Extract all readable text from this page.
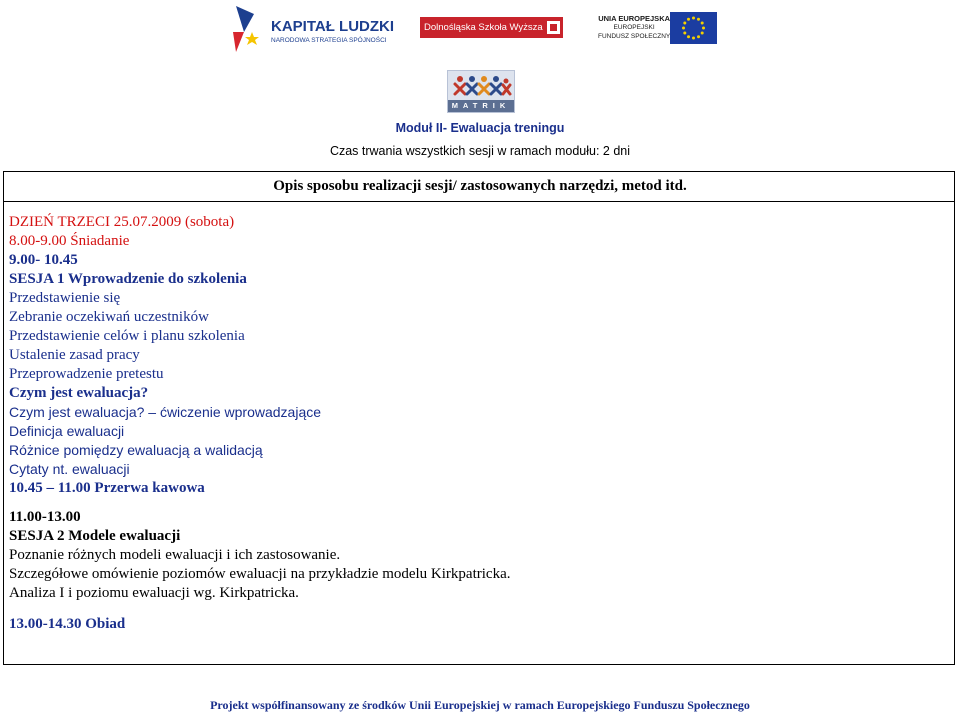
KAPITAŁ LUDZKI
NARODOWA STRATEGIA SPÓJNOŚCI
Dolnośląska Szkoła Wyższa
UNIA EUROPEJSKA
EUROPEJSKI
FUNDUSZ SPOŁECZNY
MATRIK
Moduł II- Ewaluacja treningu
Czas trwania wszystkich sesji w ramach modułu: 2 dni
Opis sposobu realizacji sesji/ zastosowanych narzędzi, metod itd.
DZIEŃ TRZECI 25.07.2009 (sobota)
8.00-9.00 Śniadanie
9.00- 10.45
SESJA 1 Wprowadzenie do szkolenia
Przedstawienie się
Zebranie oczekiwań uczestników
Przedstawienie celów i planu szkolenia
Ustalenie zasad pracy
Przeprowadzenie pretestu
Czym jest ewaluacja?
Czym jest ewaluacja? – ćwiczenie wprowadzające
Definicja ewaluacji
Różnice pomiędzy ewaluacją a walidacją
Cytaty nt. ewaluacji
10.45 – 11.00 Przerwa kawowa
11.00-13.00
SESJA 2 Modele ewaluacji
Poznanie różnych modeli ewaluacji i ich zastosowanie.
Szczegółowe omówienie poziomów ewaluacji na przykładzie modelu Kirkpatricka.
Analiza I i poziomu ewaluacji wg. Kirkpatricka.
13.00-14.30 Obiad
Projekt współfinansowany ze środków Unii Europejskiej w ramach Europejskiego Funduszu Społecznego
